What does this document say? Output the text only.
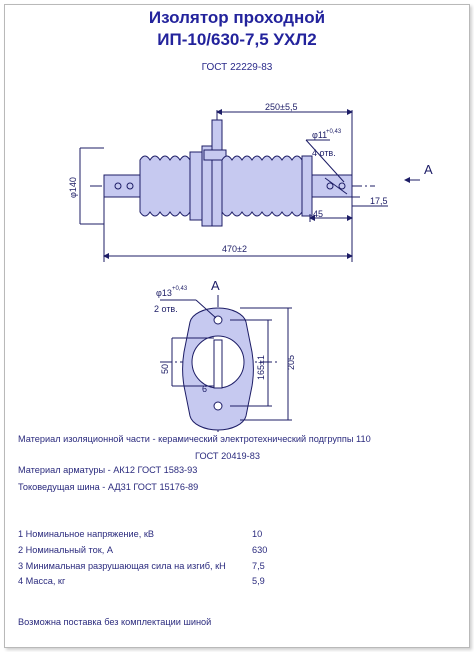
Изолятор проходной
ИП-10/630-7,5 УХЛ2
ГОСТ 22229-83
250±5,5
φ11
+0,43
4 отв.
φ140
45
17,5
470±2
A
A
φ13 +0,43
2 отв.
50
6
165±1 205
Материал изоляционной части - керамический электротехнический подгруппы 110
ГОСТ 20419-83
Материал арматуры - АК12 ГОСТ 1583-93
Токоведущая шина - АД31 ГОСТ 15176-89
1 Номинальное напряжение, кВ	10
2 Номинальный ток, А	630
3 Минимальная разрушающая сила на изгиб, кН	7,5
4 Масса, кг	5,9
Возможна поставка без комплектации шиной
